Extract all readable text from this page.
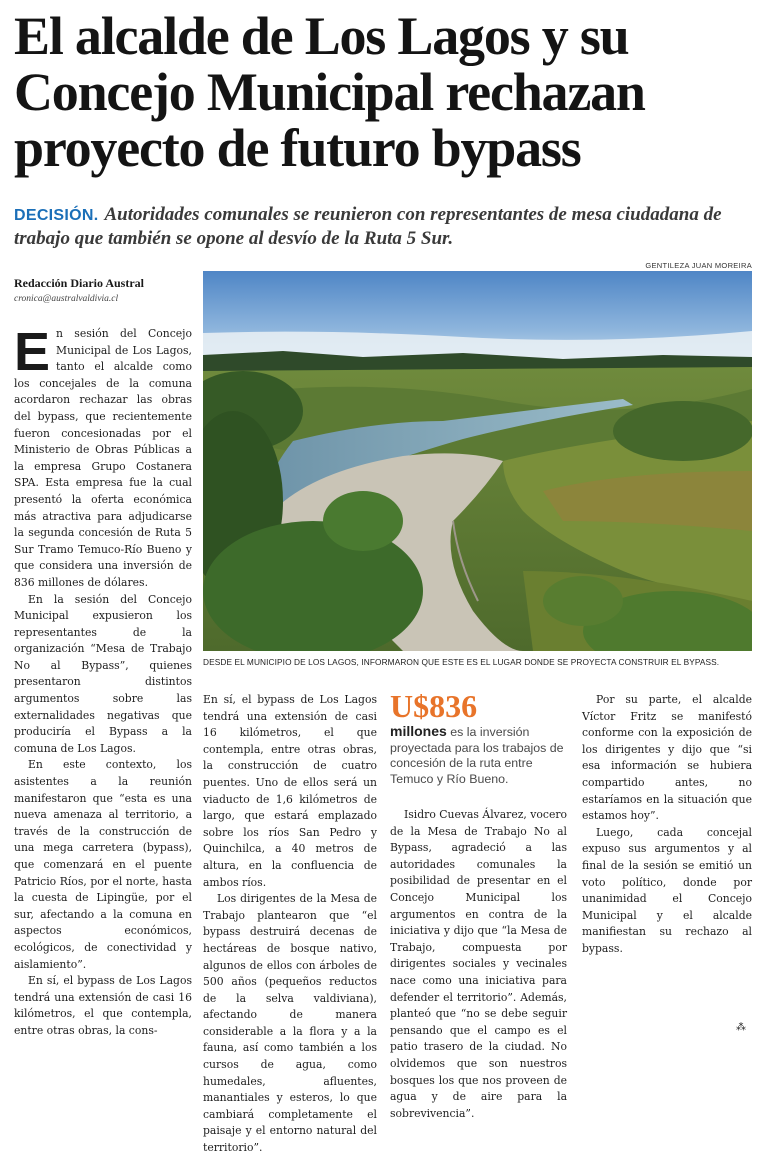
El alcalde de Los Lagos y su
Concejo Municipal rechazan
proyecto de futuro bypass
DECISIÓN. Autoridades comunales se reunieron con representantes de mesa ciudadana de trabajo que también se opone al desvío de la Ruta 5 Sur.
Redacción Diario Austral
cronica@australvaldivia.cl
GENTILEZA JUAN MOREIRA
DESDE EL MUNICIPIO DE LOS LAGOS, INFORMARON QUE ESTE ES EL LUGAR DONDE SE PROYECTA CONSTRUIR EL BYPASS.

En sesión del Concejo Municipal de Los Lagos, tanto el alcalde como los concejales de la comuna acordaron rechazar las obras del bypass, que recientemente fueron concesionadas por el Ministerio de Obras Públicas a la empresa Grupo Costanera SPA. Esta empresa fue la cual presentó la oferta económica más atractiva para adjudicarse la segunda concesión de Ruta 5 Sur Tramo Temuco-Río Bueno y que considera una inversión de 836 millones de dólares.

En la sesión del Concejo Municipal expusieron los representantes de la organización “Mesa de Trabajo No al Bypass”, quienes presentaron distintos argumentos sobre las externalidades negativas que produciría el Bypass a la comuna de Los Lagos.

En este contexto, los asistentes a la reunión manifestaron que “esta es una nueva amenaza al territorio, a través de la construcción de una mega carretera (bypass), que comenzará en el puente Patricio Ríos, por el norte, hasta la cuesta de Lipingüe, por el sur, afectando a la comuna en aspectos económicos, ecológicos, de conectividad y aislamiento”.

En sí, el bypass de Los Lagos tendrá una extensión de casi 16 kilómetros, el que contempla, entre otras obras, la cons-

En sí, el bypass de Los Lagos tendrá una extensión de casi 16 kilómetros, el que contempla, entre otras obras, la construcción de cuatro puentes. Uno de ellos será un viaducto de 1,6 kilómetros de largo, que estará emplazado sobre los ríos San Pedro y Quinchilca, a 40 metros de altura, en la confluencia de ambos ríos.

Los dirigentes de la Mesa de Trabajo plantearon que “el bypass destruirá decenas de hectáreas de bosque nativo, algunos de ellos con árboles de 500 años (pequeños reductos de la selva valdiviana), afectando de manera considerable a la flora y a la fauna, así como también a los cursos de agua, como humedales, afluentes, manantiales y esteros, lo que cambiará completamente el paisaje y el entorno natural del territorio”.

U$836
millones es la inversión proyectada para los trabajos de concesión de la ruta entre Temuco y Río Bueno.

Isidro Cuevas Álvarez, vocero de la Mesa de Trabajo No al Bypass, agradeció a las autoridades comunales la posibilidad de presentar en el Concejo Municipal los argumentos en contra de la iniciativa y dijo que “la Mesa de Trabajo, compuesta por dirigentes sociales y vecinales nace como una iniciativa para defender el territorio”. Además, planteó que “no se debe seguir pensando que el campo es el patio trasero de la ciudad. No olvidemos que son nuestros bosques los que nos proveen de agua y de aire para la sobrevivencia”.

Por su parte, el alcalde Víctor Fritz se manifestó conforme con la exposición de los dirigentes y dijo que “si esa información se hubiera compartido antes, no estaríamos en la situación que estamos hoy”.

Luego, cada concejal expuso sus argumentos y al final de la sesión se emitió un voto político, donde por unanimidad el Concejo Municipal y el alcalde manifiestan su rechazo al bypass.

⁂
